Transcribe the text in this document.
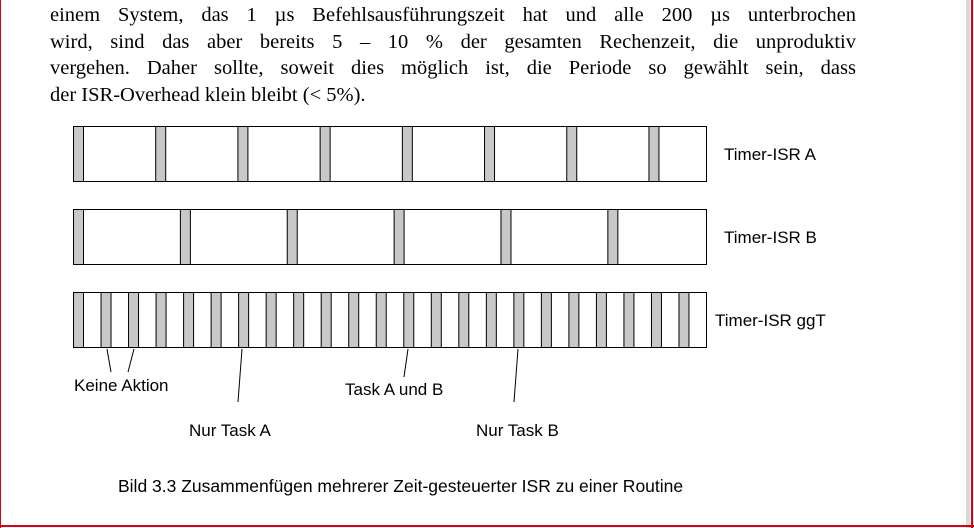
einem System, das 1 µs Befehlsausführungszeit hat und alle 200 µs unterbrochen
wird, sind das aber bereits 5 – 10 % der gesamten Rechenzeit, die unproduktiv
vergehen. Daher sollte, soweit dies möglich ist, die Periode so gewählt sein, dass
der ISR-Overhead klein bleibt (< 5%).

Timer-ISR A
Timer-ISR B
Timer-ISR ggT
Keine Aktion
Nur Task A
Task A und B
Nur Task B
Bild 3.3 Zusammenfügen mehrerer Zeit-gesteuerter ISR zu einer Routine
